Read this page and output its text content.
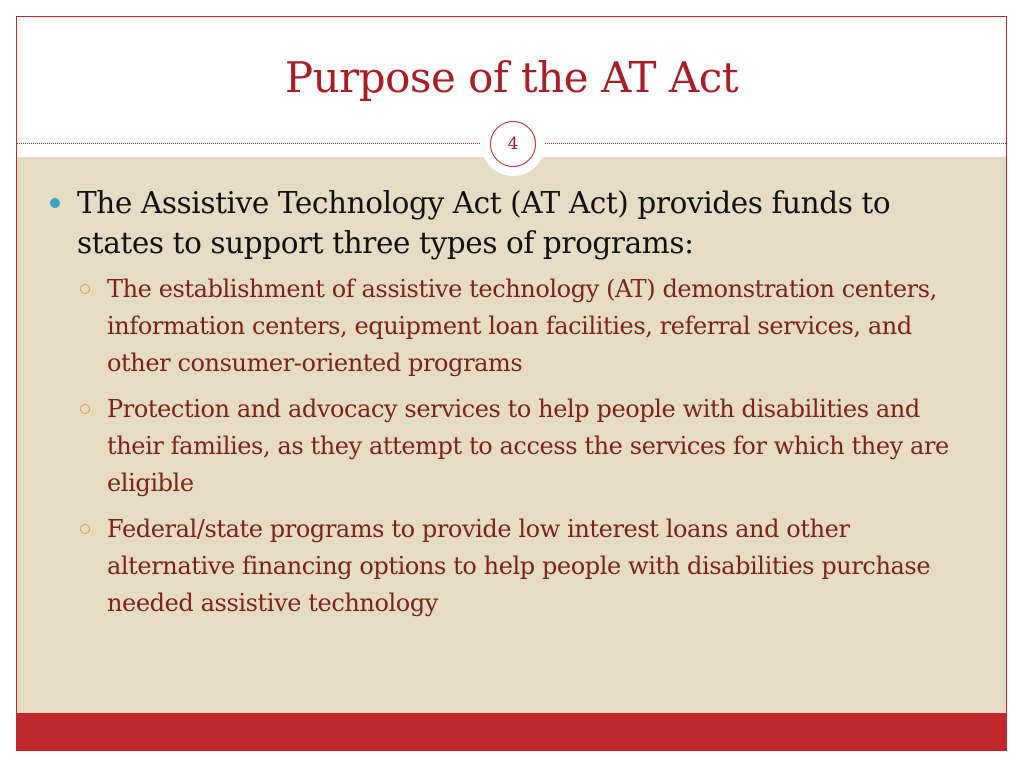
Purpose of the AT Act
4
The Assistive Technology Act (AT Act) provides funds to states to support three types of programs:
The establishment of assistive technology (AT) demonstration centers, information centers, equipment loan facilities, referral services, and other consumer-oriented programs
Protection and advocacy services to help people with disabilities and their families, as they attempt to access the services for which they are eligible
Federal/state programs to provide low interest loans and other alternative financing options to help people with disabilities purchase needed assistive technology
